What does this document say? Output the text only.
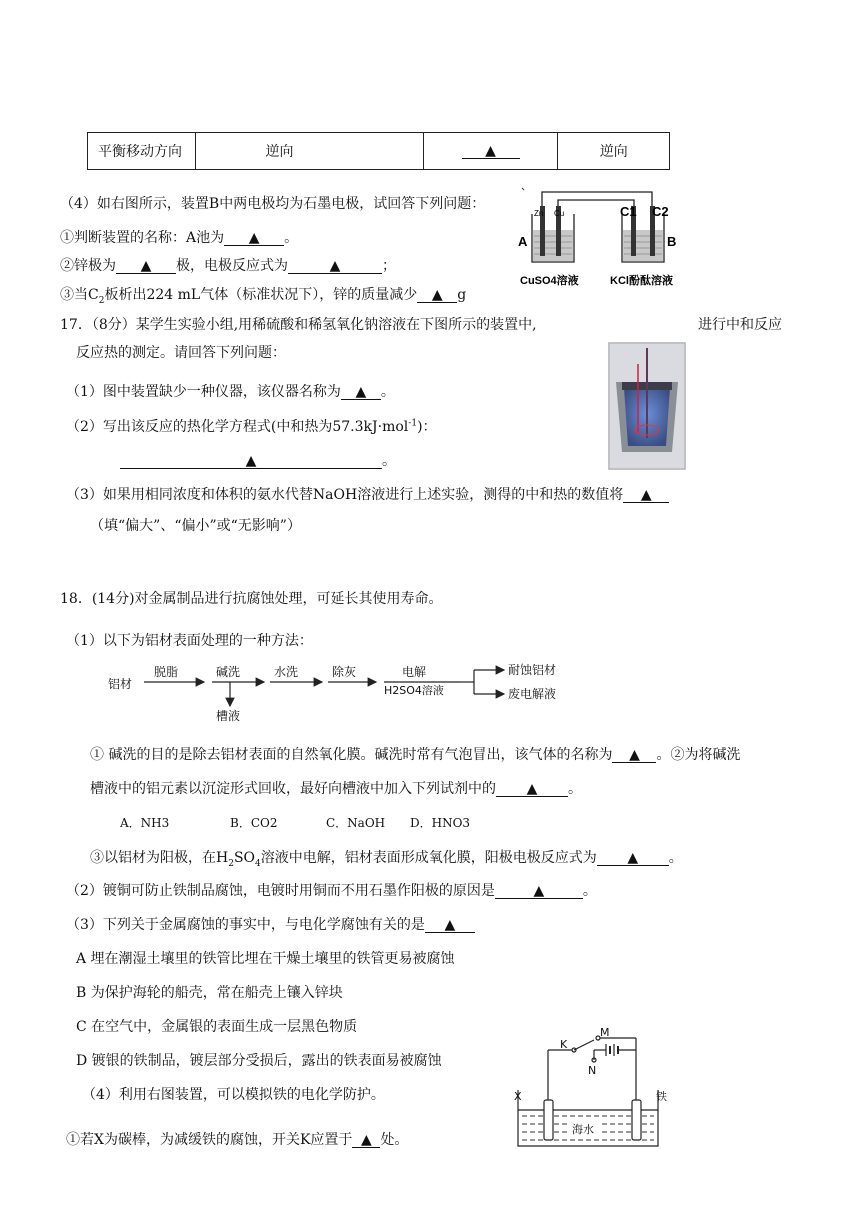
平衡移动方向	逆向	▲	逆向
（4）如右图所示，装置B中两电极均为石墨电极，试回答下列问题：
①判断装置的名称：A池为 ▲ 。
②锌极为 ▲ 极，电极反应式为	▲	；
③当$C_2$板析出224 mL气体（标准状况下），锌的质量减少 ▲ g
Zn Cu	C1 C2
A	B
CuSO4溶液	KCl酚酞溶液
17．（8分）某学生实验小组,用稀硫酸和稀氢氧化钠溶液在下图所示的装置中,	进行中和反应
反应热的测定。请回答下列问题：
（1）图中装置缺少一种仪器，该仪器名称为 ▲ 。
（2）写出该反应的热化学方程式(中和热为57.3kJ·mol$^{-1}$)：
▲	。
（3）如果用相同浓度和体积的氨水代替NaOH溶液进行上述实验，测得的中和热的数值将 ▲
（填“偏大”、“偏小”或“无影响”）
18．(14分)对金属制品进行抗腐蚀处理，可延长其使用寿命。
（1）以下为铝材表面处理的一种方法：
铝材
脱脂	碱洗	水洗	除灰	电解
H2SO4溶液
槽液
耐蚀铝材
废电解液
① 碱洗的目的是除去铝材表面的自然氧化膜。碱洗时常有气泡冒出，该气体的名称为 ▲ 。②为将碱洗
槽液中的铝元素以沉淀形式回收，最好向槽液中加入下列试剂中的 ▲ 。
A．NH3	B．CO2	C．NaOH D．HNO3
③以铝材为阳极，在$H_2SO_4$溶液中电解，铝材表面形成氧化膜，阳极电极反应式为 ▲ 。
（2）镀铜可防止铁制品腐蚀，电镀时用铜而不用石墨作阳极的原因是	▲	。
（3）下列关于金属腐蚀的事实中，与电化学腐蚀有关的是 ▲
A 埋在潮湿土壤里的铁管比埋在干燥土壤里的铁管更易被腐蚀
B 为保护海轮的船壳，常在船壳上镶入锌块
C 在空气中，金属银的表面生成一层黑色物质
D 镀银的铁制品，镀层部分受损后，露出的铁表面易被腐蚀
（4）利用右图装置，可以模拟铁的电化学防护。
①若X为碳棒，为减缓铁的腐蚀，开关K应置于 ▲ 处。
M
K
N
X	铁
海水
